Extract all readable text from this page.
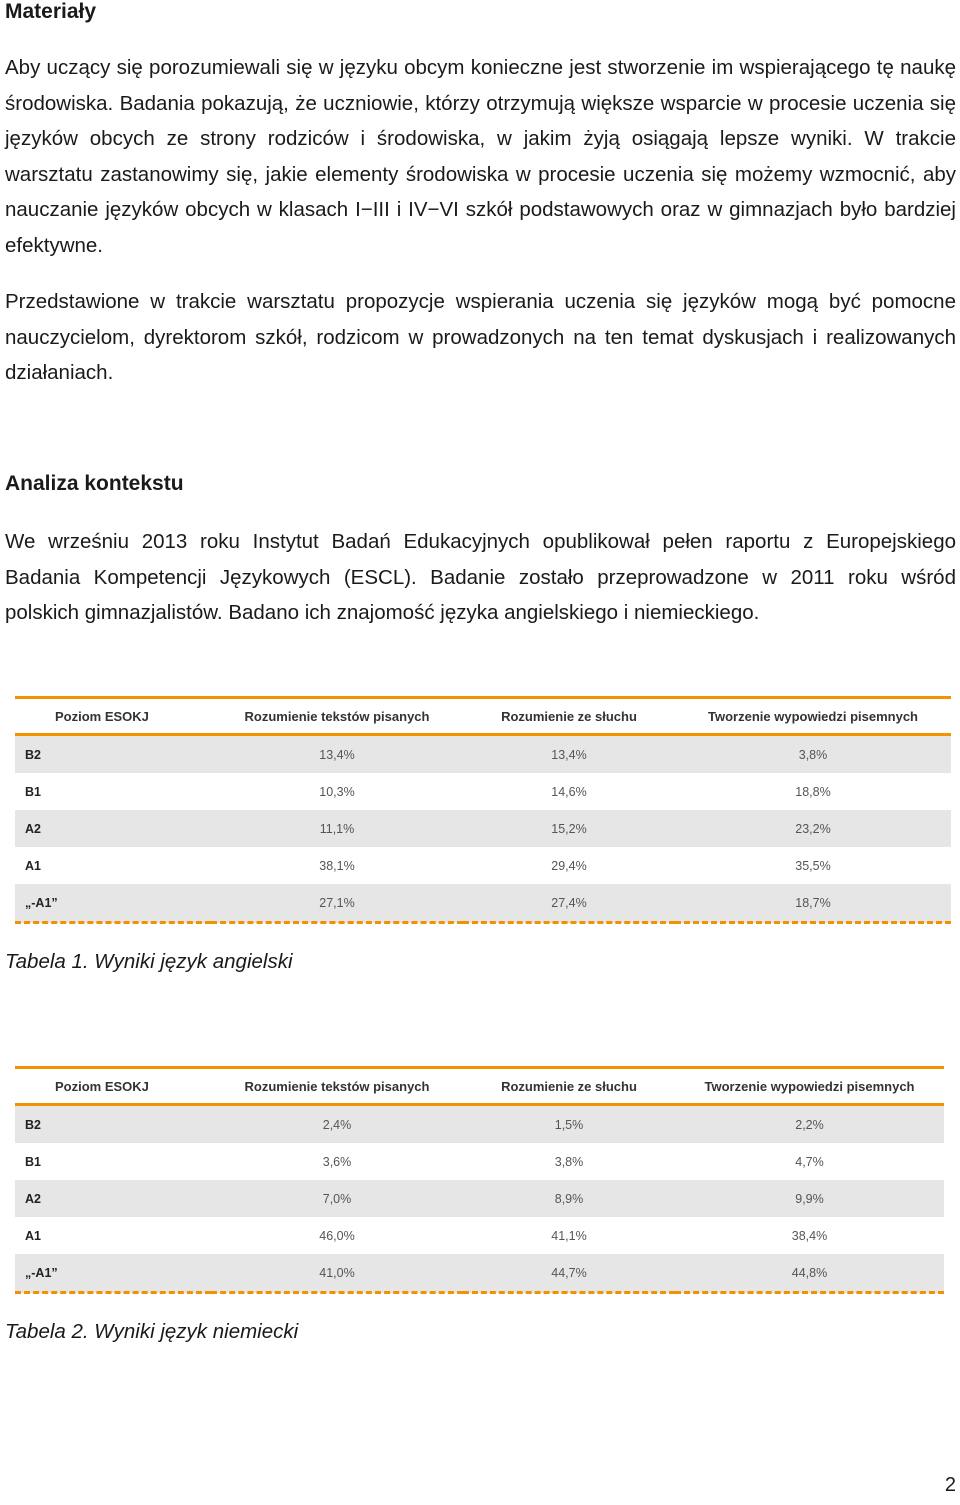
Materiały

Aby uczący się porozumiewali się w języku obcym konieczne jest stworzenie im wspierającego tę naukę środowiska. Badania pokazują, że uczniowie, którzy otrzymują większe wsparcie w procesie uczenia się języków obcych ze strony rodziców i środowiska, w jakim żyją osiągają lepsze wyniki. W trakcie warsztatu zastanowimy się, jakie elementy środowiska w procesie uczenia się możemy wzmocnić, aby nauczanie języków obcych w klasach I−III i IV−VI szkół podstawowych oraz w gimnazjach było bardziej efektywne.

Przedstawione w trakcie warsztatu propozycje wspierania uczenia się języków mogą być pomocne nauczycielom, dyrektorom szkół, rodzicom w prowadzonych na ten temat dyskusjach i realizowanych działaniach.

Analiza kontekstu

We wrześniu 2013 roku Instytut Badań Edukacyjnych opublikował pełen raportu z Europejskiego Badania Kompetencji Językowych (ESCL). Badanie zostało przeprowadzone w 2011 roku wśród polskich gimnazjalistów. Badano ich znajomość języka angielskiego i niemieckiego.

Poziom ESOKJ	Rozumienie tekstów pisanych	Rozumienie ze słuchu	Tworzenie wypowiedzi pisemnych
B2	13,4%	13,4%	3,8%
B1	10,3%	14,6%	18,8%
A2	11,1%	15,2%	23,2%
A1	38,1%	29,4%	35,5%
„-A1”	27,1%	27,4%	18,7%

Tabela 1. Wyniki język angielski

Poziom ESOKJ	Rozumienie tekstów pisanych	Rozumienie ze słuchu	Tworzenie wypowiedzi pisemnych
B2	2,4%	1,5%	2,2%
B1	3,6%	3,8%	4,7%
A2	7,0%	8,9%	9,9%
A1	46,0%	41,1%	38,4%
„-A1”	41,0%	44,7%	44,8%

Tabela 2. Wyniki język niemiecki

2
